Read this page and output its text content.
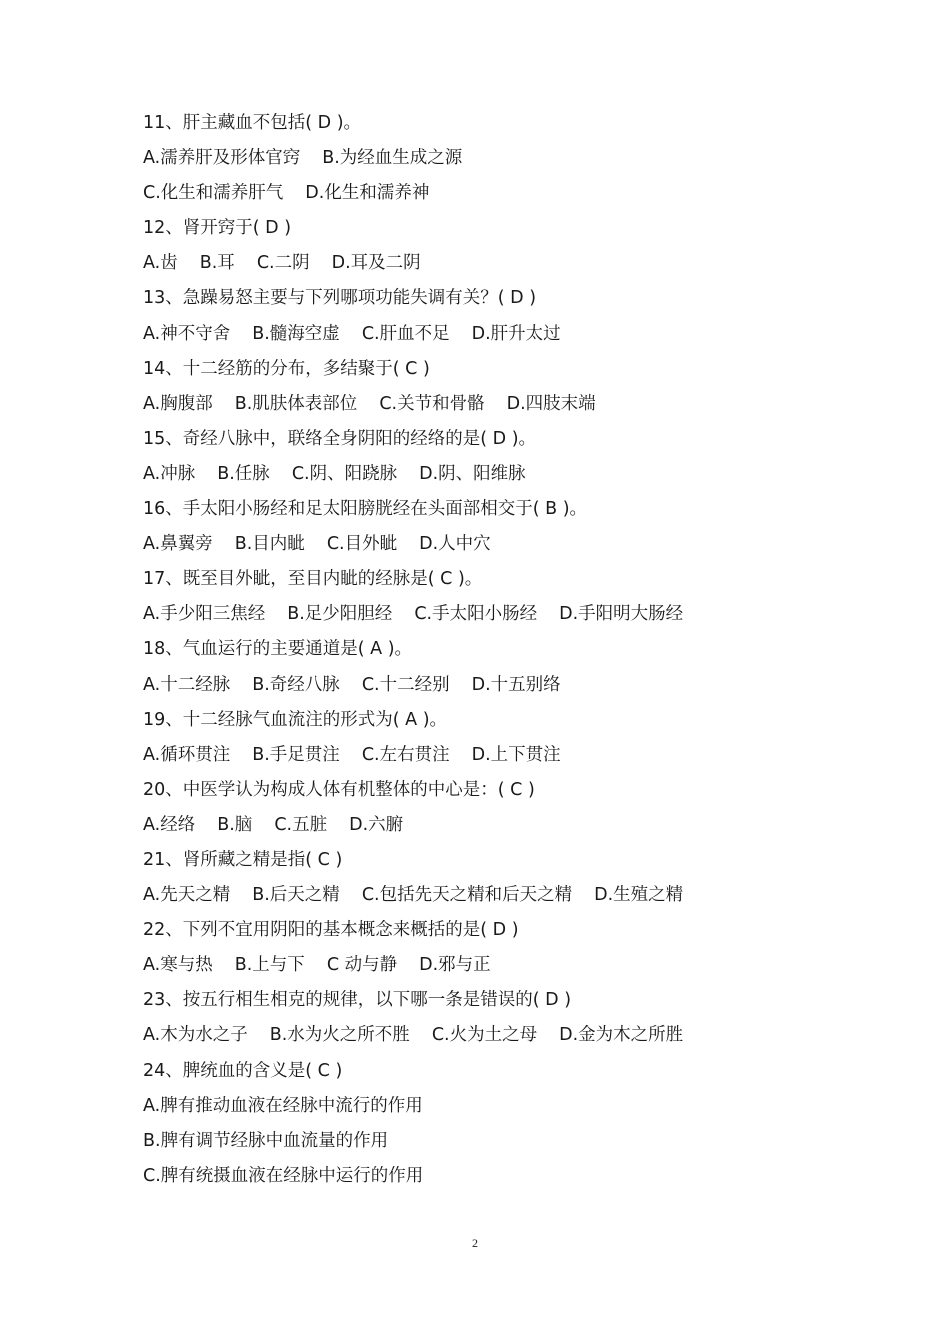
11、肝主藏血不包括( D )。
A.濡养肝及形体官窍 B.为经血生成之源
C.化生和濡养肝气 D.化生和濡养神
12、肾开窍于( D )
A.齿 B.耳 C.二阴 D.耳及二阴
13、急躁易怒主要与下列哪项功能失调有关？( D )
A.神不守舍 B.髓海空虚 C.肝血不足 D.肝升太过
14、十二经筋的分布，多结聚于( C )
A.胸腹部 B.肌肤体表部位 C.关节和骨骼 D.四肢末端
15、奇经八脉中，联络全身阴阳的经络的是( D )。
A.冲脉 B.任脉 C.阴、阳跷脉 D.阴、阳维脉
16、手太阳小肠经和足太阳膀胱经在头面部相交于( B )。
A.鼻翼旁 B.目内眦 C.目外眦 D.人中穴
17、既至目外眦，至目内眦的经脉是( C )。
A.手少阳三焦经 B.足少阳胆经 C.手太阳小肠经 D.手阳明大肠经
18、气血运行的主要通道是( A )。
A.十二经脉 B.奇经八脉 C.十二经别 D.十五别络
19、十二经脉气血流注的形式为( A )。
A.循环贯注 B.手足贯注 C.左右贯注 D.上下贯注
20、中医学认为构成人体有机整体的中心是：( C )
A.经络 B.脑 C.五脏 D.六腑
21、肾所藏之精是指( C )
A.先天之精 B.后天之精 C.包括先天之精和后天之精 D.生殖之精
22、下列不宜用阴阳的基本概念来概括的是( D )
A.寒与热 B.上与下 C 动与静 D.邪与正
23、按五行相生相克的规律，以下哪一条是错误的( D )
A.木为水之子 B.水为火之所不胜 C.火为土之母 D.金为木之所胜
24、脾统血的含义是( C )
A.脾有推动血液在经脉中流行的作用
B.脾有调节经脉中血流量的作用
C.脾有统摄血液在经脉中运行的作用
2
